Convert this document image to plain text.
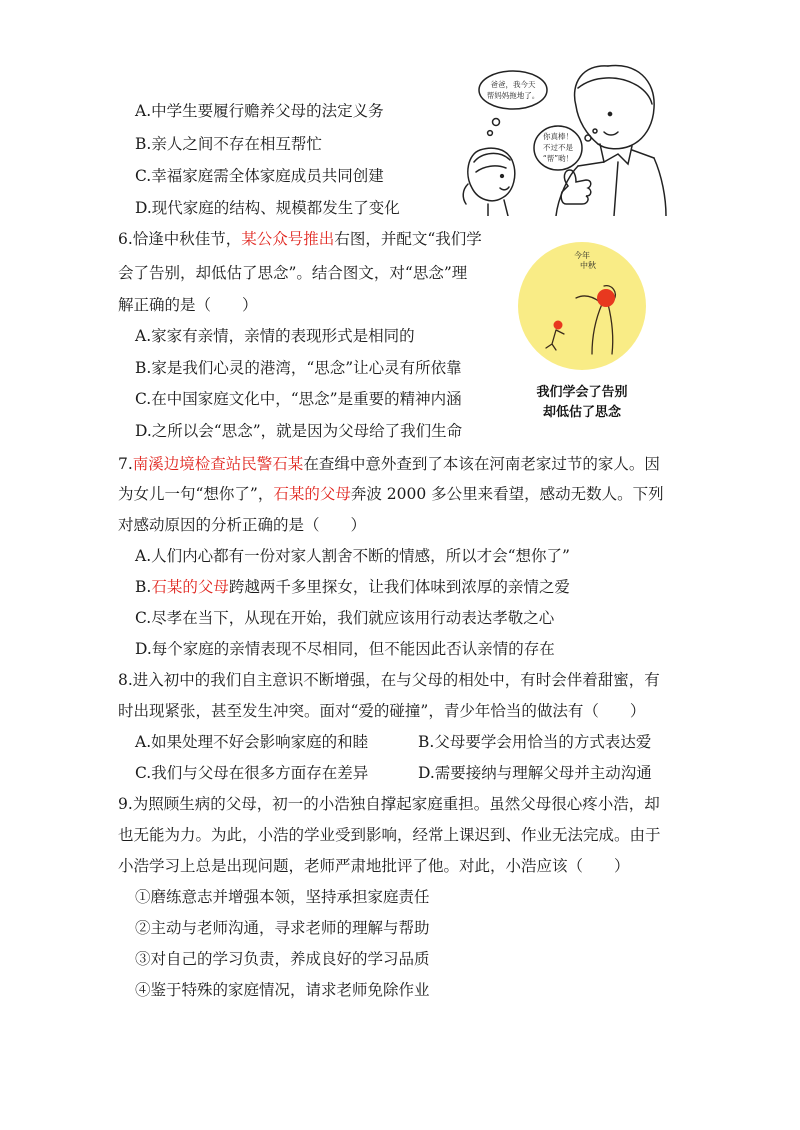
A.中学生要履行赡养父母的法定义务
B.亲人之间不存在相互帮忙
C.幸福家庭需全体家庭成员共同创建
D.现代家庭的结构、规模都发生了变化
爸爸，我今天
帮妈妈拖地了。
你真棒！
不过不是
“帮”哟！
6.恰逢中秋佳节，某公众号推出右图，并配文“我们学
会了告别，却低估了思念”。结合图文，对“思念”理
解正确的是（　　）
A.家家有亲情，亲情的表现形式是相同的
B.家是我们心灵的港湾，“思念”让心灵有所依靠
C.在中国家庭文化中，“思念”是重要的精神内涵
D.之所以会“思念”，就是因为父母给了我们生命
今年
中秋
我们学会了告别
却低估了思念
7.南溪边境检查站民警石某在查缉中意外查到了本该在河南老家过节的家人。因
为女儿一句“想你了”，石某的父母奔波 2000 多公里来看望，感动无数人。下列
对感动原因的分析正确的是（　　）
A.人们内心都有一份对家人割舍不断的情感，所以才会“想你了”
B.石某的父母跨越两千多里探女，让我们体味到浓厚的亲情之爱
C.尽孝在当下，从现在开始，我们就应该用行动表达孝敬之心
D.每个家庭的亲情表现不尽相同，但不能因此否认亲情的存在
8.进入初中的我们自主意识不断增强，在与父母的相处中，有时会伴着甜蜜，有
时出现紧张，甚至发生冲突。面对“爱的碰撞”，青少年恰当的做法有（　　）
A.如果处理不好会影响家庭的和睦	B.父母要学会用恰当的方式表达爱
C.我们与父母在很多方面存在差异	D.需要接纳与理解父母并主动沟通
9.为照顾生病的父母，初一的小浩独自撑起家庭重担。虽然父母很心疼小浩，却
也无能为力。为此，小浩的学业受到影响，经常上课迟到、作业无法完成。由于
小浩学习上总是出现问题，老师严肃地批评了他。对此，小浩应该（　　）
①磨练意志并增强本领，坚持承担家庭责任
②主动与老师沟通，寻求老师的理解与帮助
③对自己的学习负责，养成良好的学习品质
④鉴于特殊的家庭情况，请求老师免除作业
